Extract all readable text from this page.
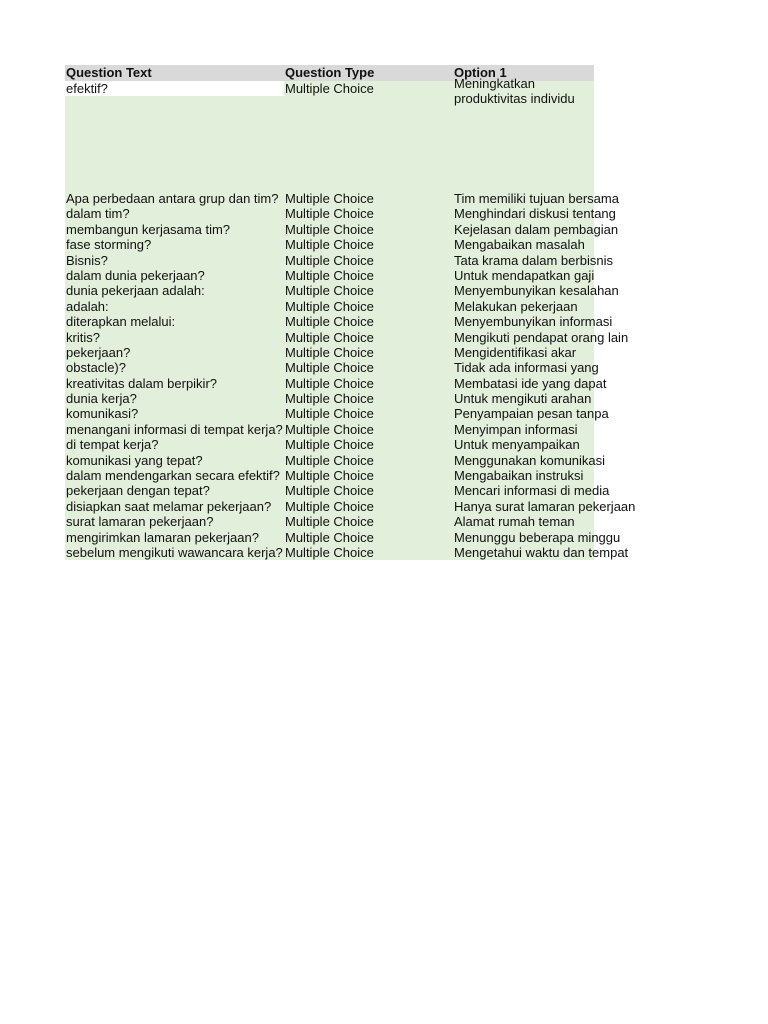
Question Text	Question Type	Option 1
efektif?	Multiple Choice	Meningkatkan produktivitas individu
Apa perbedaan antara grup dan tim? Multiple Choice	Tim memiliki tujuan bersama
dalam tim?	Multiple Choice	Menghindari diskusi tentang
membangun kerjasama tim?	Multiple Choice	Kejelasan dalam pembagian
fase storming?	Multiple Choice	Mengabaikan masalah
Bisnis?	Multiple Choice	Tata krama dalam berbisnis
dalam dunia pekerjaan?	Multiple Choice	Untuk mendapatkan gaji
dunia pekerjaan adalah:	Multiple Choice	Menyembunyikan kesalahan
adalah:	Multiple Choice	Melakukan pekerjaan
diterapkan melalui:	Multiple Choice	Menyembunyikan informasi
kritis?	Multiple Choice	Mengikuti pendapat orang lain
pekerjaan?	Multiple Choice	Mengidentifikasi akar
obstacle)?	Multiple Choice	Tidak ada informasi yang
kreativitas dalam berpikir?	Multiple Choice	Membatasi ide yang dapat
dunia kerja?	Multiple Choice	Untuk mengikuti arahan
komunikasi?	Multiple Choice	Penyampaian pesan tanpa
menangani informasi di tempat kerja? Multiple Choice	Menyimpan informasi
di tempat kerja?	Multiple Choice	Untuk menyampaikan
komunikasi yang tepat?	Multiple Choice	Menggunakan komunikasi
dalam mendengarkan secara efektif? Multiple Choice	Mengabaikan instruksi
pekerjaan dengan tepat?	Multiple Choice	Mencari informasi di media
disiapkan saat melamar pekerjaan?	Multiple Choice	Hanya surat lamaran pekerjaan
surat lamaran pekerjaan?	Multiple Choice	Alamat rumah teman
mengirimkan lamaran pekerjaan?	Multiple Choice	Menunggu beberapa minggu
sebelum mengikuti wawancara kerja? Multiple Choice	Mengetahui waktu dan tempat
